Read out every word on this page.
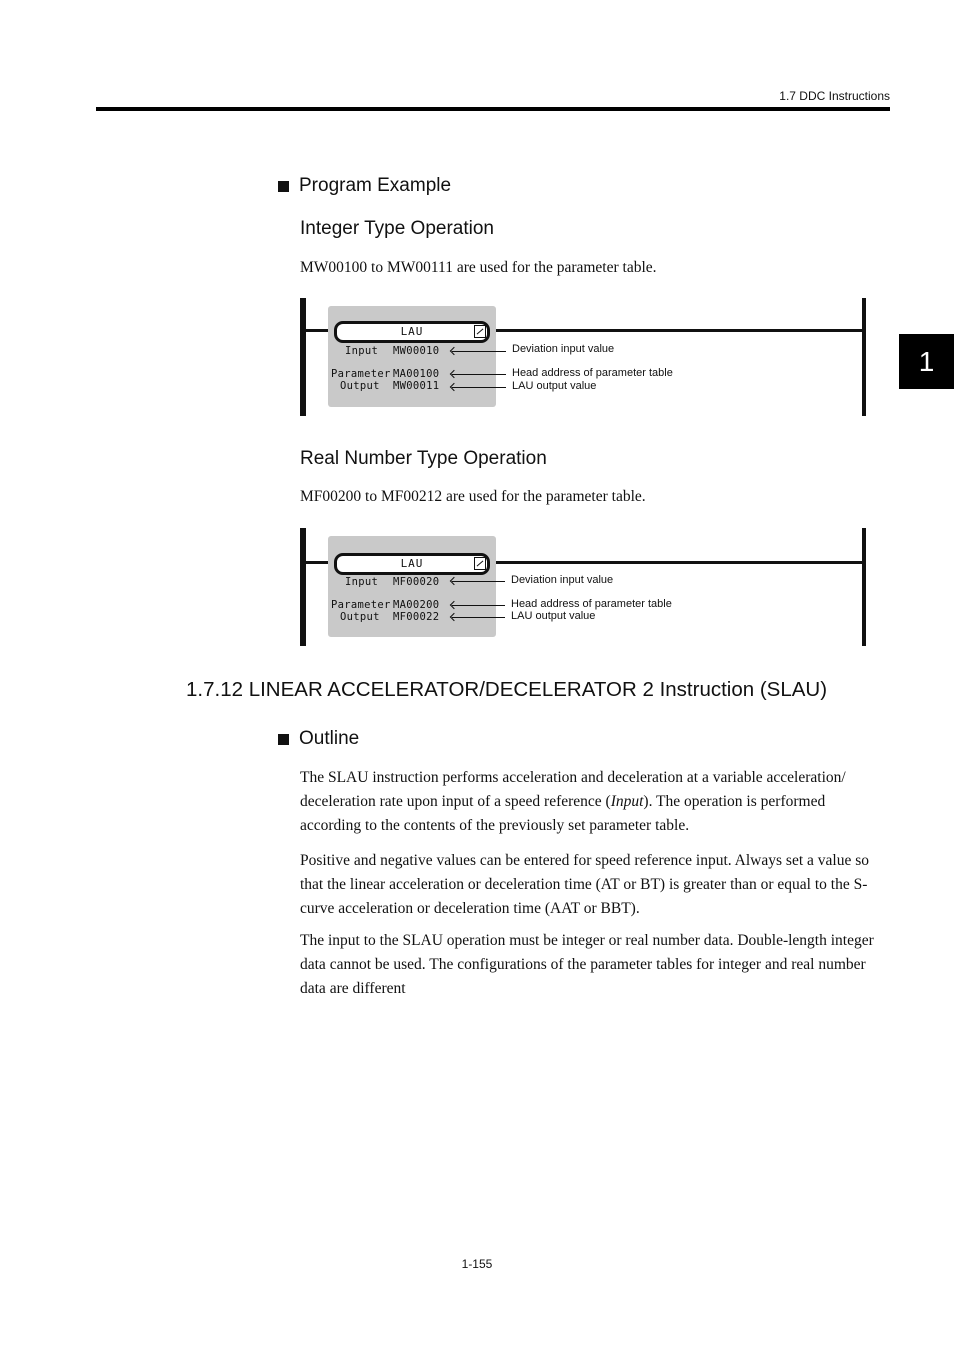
1.7 DDC Instructions
1
Program Example
Integer Type Operation
MW00100 to MW00111 are used for the parameter table.
LAU
Input MW00010
Parameter MA00100
Output MW00011
Deviation input value
Head address of parameter table
LAU output value
Real Number Type Operation
MF00200 to MF00212 are used for the parameter table.
LAU
Input MF00020
Parameter MA00200
Output MF00022
Deviation input value
Head address of parameter table
LAU output value
1.7.12 LINEAR ACCELERATOR/DECELERATOR 2 Instruction (SLAU)
Outline

The SLAU instruction performs acceleration and deceleration at a variable acceleration/ deceleration rate upon input of a speed reference (Input). The operation is performed according to the contents of the previously set parameter table.

Positive and negative values can be entered for speed reference input. Always set a value so that the linear acceleration or deceleration time (AT or BT) is greater than or equal to the S-curve acceleration or deceleration time (AAT or BBT).

The input to the SLAU operation must be integer or real number data. Double-length integer data cannot be used. The configurations of the parameter tables for integer and real number data are different

1-155
